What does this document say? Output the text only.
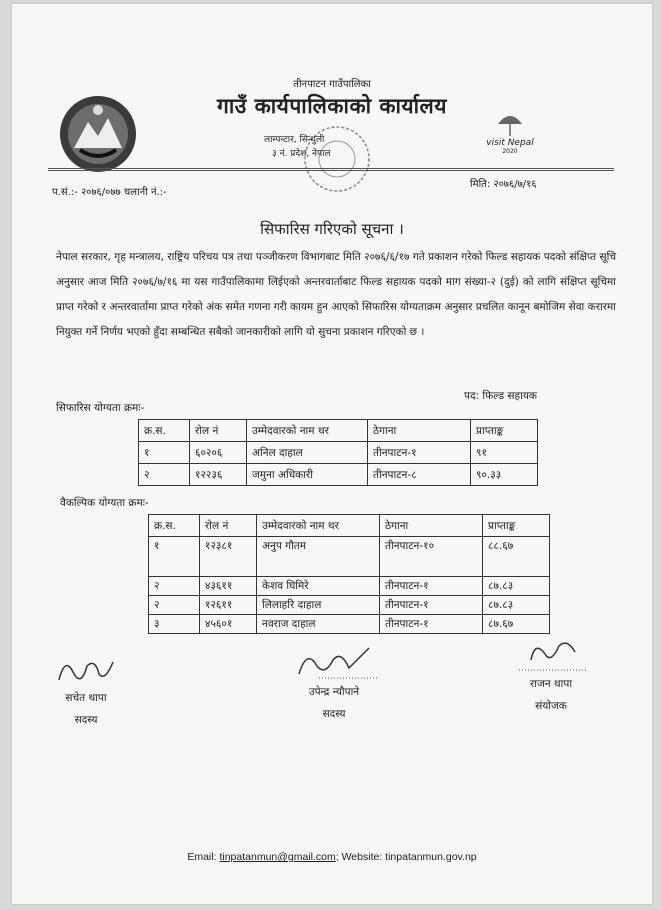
तीनपाटन गाउँपालिका
गाउँ कार्यपालिकाको कार्यालय
लाम्पन्टार, सिन्धुली
३ नं. प्रदेश, नेपाल
visit Nepal
2020
प.सं.:- २०७६/०७७ चलानी नं.:-
मिति: २०७६/७/१६
सिफारिस गरिएको सूचना ।
नेपाल सरकार, गृह मन्त्रालय, राष्ट्रिय परिचय पत्र तथा पञ्जीकरण विभागबाट मिति २०७६/६/१७ गते प्रकाशन गरेको फिल्ड सहायक पदको संक्षिप्त सूचि अनुसार आज मिति २०७६/७/१६ मा यस गाउँपालिकामा लिईएको अन्तरवार्ताबाट फिल्ड सहायक पदको माग संख्या-२ (दुई) को लागि संक्षिप्त सूचिमा प्राप्त गरेको र अन्तरवार्तामा प्राप्त गरेको अंक समेत गणना गरी कायम हुन आएको सिफारिस योग्यताक्रम अनुसार प्रचलित कानून बमोजिम सेवा करारमा नियुक्त गर्ने निर्णय भएको हुँदा सम्बन्धित सबैको जानकारीको लागि यो सुचना प्रकाशन गरिएको छ ।
पद: फिल्ड सहायक
सिफारिस योग्यता क्रमः-
क्र.स.	रोल नं	उम्मेदवारको नाम थर	ठेगाना	प्राप्ताङ्क
१	६०२०६	अनिल दाहाल	तीनपाटन-१	९१
२	१२२३६	जमुना अधिकारी	तीनपाटन-८	९०.३३
वैकल्पिक योग्यता क्रमः-
क्र.स.	रोल नं	उम्मेदवारको नाम थर	ठेगाना	प्राप्ताङ्क
१	१२३८१	अनुप गौतम	तीनपाटन-१०	८८.६७
२	४३६११	केशव घिमिरे	तीनपाटन-१	८७.८३
२	१२६११	लिलाहरि दाहाल	तीनपाटन-१	८७.८३
३	४५६०१	नवराज दाहाल	तीनपाटन-१	८७.६७
सचेत थापा
सदस्य
उपेन्द्र न्यौपाने
सदस्य
राजन थापा
संयोजक
Email: tinpatanmun@gmail.com; Website: tinpatanmun.gov.np
